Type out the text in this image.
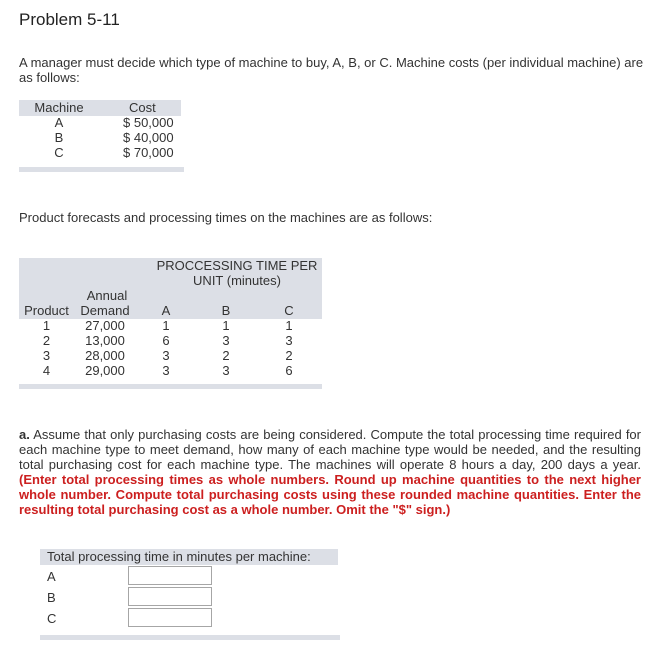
Problem 5-11
A manager must decide which type of machine to buy, A, B, or C. Machine costs (per individual machine) are as follows:
Machine	Cost
A	$ 50,000
B	$ 40,000
C	$ 70,000
Product forecasts and processing times on the machines are as follows:
PROCCESSING TIME PER
UNIT (minutes)
Annual
Product	Demand	A	B	C
1	27,000	1	1	1
2	13,000	6	3	3
3	28,000	3	2	2
4	29,000	3	3	6
a. Assume that only purchasing costs are being considered. Compute the total processing time required for each machine type to meet demand, how many of each machine type would be needed, and the resulting total purchasing cost for each machine type. The machines will operate 8 hours a day, 200 days a year. (Enter total processing times as whole numbers. Round up machine quantities to the next higher whole number. Compute total purchasing costs using these rounded machine quantities. Enter the resulting total purchasing cost as a whole number. Omit the "$" sign.)
Total processing time in minutes per machine:
A
B
C
